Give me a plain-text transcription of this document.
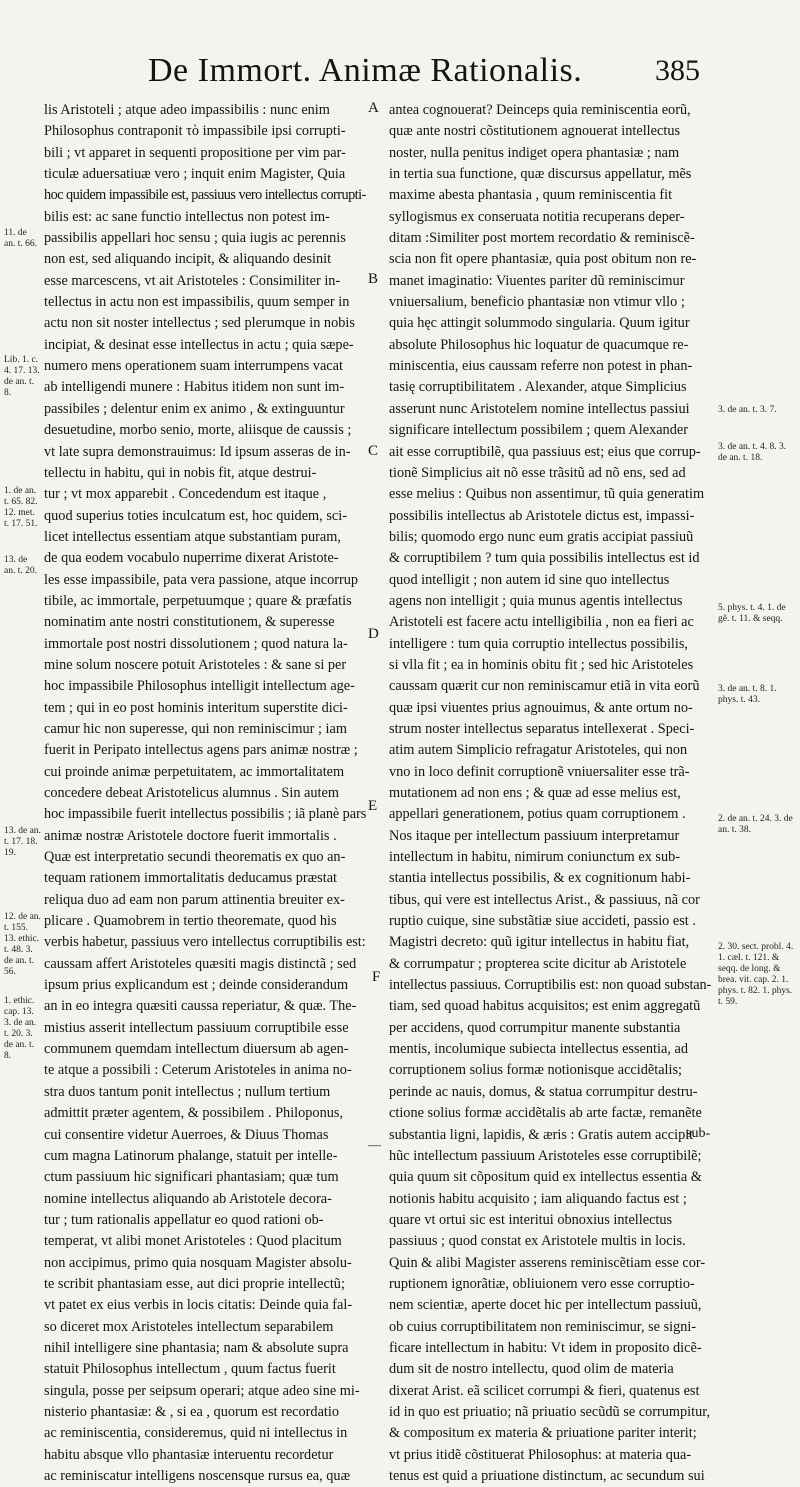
De Immort. Animæ Rationalis. 385
lis Aristoteli ; atque adeo impassibilis : nunc enim
Philosophus contraponit τὸ impassibile ipsi corrupti-
bili ; vt apparet in sequenti propositione per vim par-
ticulæ aduersatiuæ vero ; inquit enim Magister, Quia
hoc quidem impassibile est, passiuus vero intellectus corrupti-
bilis est: ac sane functio intellectus non potest im-
passibilis appellari hoc sensu ; quia iugis ac perennis
non est, sed aliquando incipit, & aliquando desinit
esse marcescens, vt ait Aristoteles : Consimiliter in-
tellectus in actu non est impassibilis, quum semper in
actu non sit noster intellectus ; sed plerumque in nobis
incipiat, & desinat esse intellectus in actu ; quia sæpe-
numero mens operationem suam interrumpens vacat
ab intelligendi munere : Habitus itidem non sunt im-
passibiles ; delentur enim ex animo , & extinguuntur
desuetudine, morbo senio, morte, aliisque de caussis ;
vt late supra demonstrauimus: Id ipsum asseras de in-
tellectu in habitu, qui in nobis fit, atque destrui-
tur ; vt mox apparebit . Concedendum est itaque ,
quod superius toties inculcatum est, hoc quidem, sci-
licet intellectus essentiam atque substantiam puram,
de qua eodem vocabulo nuperrime dixerat Aristote-
les esse impassibile, pata vera passione, atque incorrup
tibile, ac immortale, perpetuumque ; quare & præfatis
nominatim ante nostri constitutionem, & superesse
immortale post nostri dissolutionem ; quod natura la-
mine solum noscere potuit Aristoteles : & sane si per
hoc impassibile Philosophus intelligit intellectum age-
tem ; qui in eo post hominis interitum superstite dici-
camur hic non superesse, qui non reminiscimur ; iam
fuerit in Peripato intellectus agens pars animæ nostræ ;
cui proinde animæ perpetuitatem, ac immortalitatem
concedere debeat Aristotelicus alumnus . Sin autem
hoc impassibile fuerit intellectus possibilis ; iã planè pars
animæ nostræ Aristotele doctore fuerit immortalis .
Quæ est interpretatio secundi theorematis ex quo an-
tequam rationem immortalitatis deducamus præstat
reliqua duo ad eam non parum attinentia breuiter ex-
plicare . Quamobrem in tertio theoremate, quod his
verbis habetur, passiuus vero intellectus corruptibilis est:
caussam affert Aristoteles quæsiti magis distinctã ; sed
ipsum prius explicandum est ; deinde considerandum
an in eo integra quæsiti caussa reperiatur, & quæ. The-
mistius asserit intellectum passiuum corruptibile esse
communem quemdam intellectum diuersum ab agen-
te atque a possibili : Ceterum Aristoteles in anima no-
stra duos tantum ponit intellectus ; nullum tertium
admittit præter agentem, & possibilem . Philoponus,
cui consentire videtur Auerroes, & Diuus Thomas
cum magna Latinorum phalange, statuit per intelle-
ctum passiuum hic significari phantasiam; quæ tum
nomine intellectus aliquando ab Aristotele decora-
tur ; tum rationalis appellatur eo quod rationi ob-
temperat, vt alibi monet Aristoteles : Quod placitum
non accipimus, primo quia nosquam Magister absolu-
te scribit phantasiam esse, aut dici proprie intellectũ;
vt patet ex eius verbis in locis citatis: Deinde quia fal-
so diceret mox Aristoteles intellectum separabilem
nihil intelligere sine phantasia; nam & absolute supra
statuit Philosophus intellectum , quum factus fuerit
singula, posse per seipsum operari; atque adeo sine mi-
nisterio phantasiæ: & , si ea , quorum est recordatio
ac reminiscentia, consideremus, quid ni intellectus in
habitu absque vllo phantasiæ interuentu recordetur
ac reminiscatur intelligens noscensque rursus ea, quæ
antea cognouerat? Deinceps quia reminiscentia eorũ,
quæ ante nostri cõstitutionem agnouerat intellectus
noster, nulla penitus indiget opera phantasiæ ; nam
in tertia sua functione, quæ discursus appellatur, mẽs
maxime abesta phantasia , quum reminiscentia fit
syllogismus ex conseruata notitia recuperans deper-
ditam :Similiter post mortem recordatio & reminiscẽ-
scia non fit opere phantasiæ, quia post obitum non re-
manet imaginatio: Viuentes pariter dũ reminiscimur
vniuersalium, beneficio phantasiæ non vtimur vllo ;
quia hęc attingit solummodo singularia. Quum igitur
absolute Philosophus hic loquatur de quacumque re-
miniscentia, eius caussam referre non potest in phan-
tasię corruptibilitatem . Alexander, atque Simplicius
asserunt nunc Aristotelem nomine intellectus passiui
significare intellectum possibilem ; quem Alexander
ait esse corruptibilẽ, qua passiuus est; eius que corrup-
tionẽ Simplicius ait nõ esse trãsitũ ad nõ ens, sed ad
esse melius : Quibus non assentimur, tũ quia generatim
possibilis intellectus ab Aristotele dictus est, impassi-
bilis; quomodo ergo nunc eum gratis accipiat passiuũ
& corruptibilem ? tum quia possibilis intellectus est id
quod intelligit ; non autem id sine quo intellectus
agens non intelligit ; quia munus agentis intellectus
Aristoteli est facere actu intelligibilia , non ea fieri ac
intelligere : tum quia corruptio intellectus possibilis,
si vlla fit ; ea in hominis obitu fit ; sed hic Aristoteles
caussam quærit cur non reminiscamur etiã in vita eorũ
quæ ipsi viuentes prius agnouimus, & ante ortum no-
strum noster intellectus separatus intellexerat . Speci-
atim autem Simplicio refragatur Aristoteles, qui non
vno in loco definit corruptionẽ vniuersaliter esse trã-
mutationem ad non ens ; & quæ ad esse melius est,
appellari generationem, potius quam corruptionem .
Nos itaque per intellectum passiuum interpretamur
intellectum in habitu, nimirum coniunctum ex sub-
stantia intellectus possibilis, & ex cognitionum habi-
tibus, qui vere est intellectus Arist., & passiuus, nã cor
ruptio cuique, sine substãtiæ siue accideti, passio est .
Magistri decreto: quũ igitur intellectus in habitu fiat,
& corrumpatur ; propterea scite dicitur ab Aristotele
intellectus passiuus. Corruptibilis est: non quoad substan-
tiam, sed quoad habitus acquisitos; est enim aggregatũ
per accidens, quod corrumpitur manente substantia
mentis, incolumique subiecta intellectus essentia, ad
corruptionem solius formæ notionisque accidẽtalis;
perinde ac nauis, domus, & statua corrumpitur destru-
ctione solius formæ accidẽtalis ab arte factæ, remanẽte
substantia ligni, lapidis, & æris : Gratis autem accipit
hũc intellectum passiuum Aristoteles esse corruptibilẽ;
quia quum sit cõpositum quid ex intellectus essentia &
notionis habitu acquisito ; iam aliquando factus est ;
quare vt ortui sic est interitui obnoxius intellectus
passiuus ; quod constat ex Aristotele multis in locis.
Quin & alibi Magister asserens reminiscẽtiam esse cor-
ruptionem ignorãtiæ, obliuionem vero esse corruptio-
nem scientiæ, aperte docet hic per intellectum passiuũ,
ob cuius corruptibilitatem non reminiscimur, se signi-
ficare intellectum in habitu: Vt idem in proposito dicẽ-
dum sit de nostro intellectu, quod olim de materia
dixerat Arist. eã scilicet corrumpi & fieri, quatenus est
id in quo est priuatio; nã priuatio secũdũ se corrumpitur,
& compositum ex materia & priuatione pariter interit;
vt prius itidẽ cõstituerat Philosophus: at materia qua-
tenus est quid a priuatione distinctum, ac secundum sui
A
B
C
D
E
F
11. de an. t. 66.
Lib. 1. c. 4. 17. 13. de an. t. 8.
1. de an. t. 65. 82. 12. met. t. 17. 51.
13. de an. t. 20.
13. de an. t. 17. 18. 19.
12. de an. t. 155. 13. ethic. t. 48. 3. de an. t. 56.
1. ethic. cap. 13. 3. de an. t. 20. 3. de an. t. 8.
3. de an. t. 3. 7.
3. de an. t. 4. 8. 3. de an. t. 18.
5. phys. t. 4. 1. de gẽ. t. 11. & seqq.
3. de an. t. 8. 1. phys. t. 43.
2. de an. t. 24. 3. de an. t. 38.
2. 30. sect. probl. 4. 1. cæl. t. 121. & seqq. de long. & brea. vit. cap. 2. 1. phys. t. 82. 1. phys. t. 59.
—
sub-
